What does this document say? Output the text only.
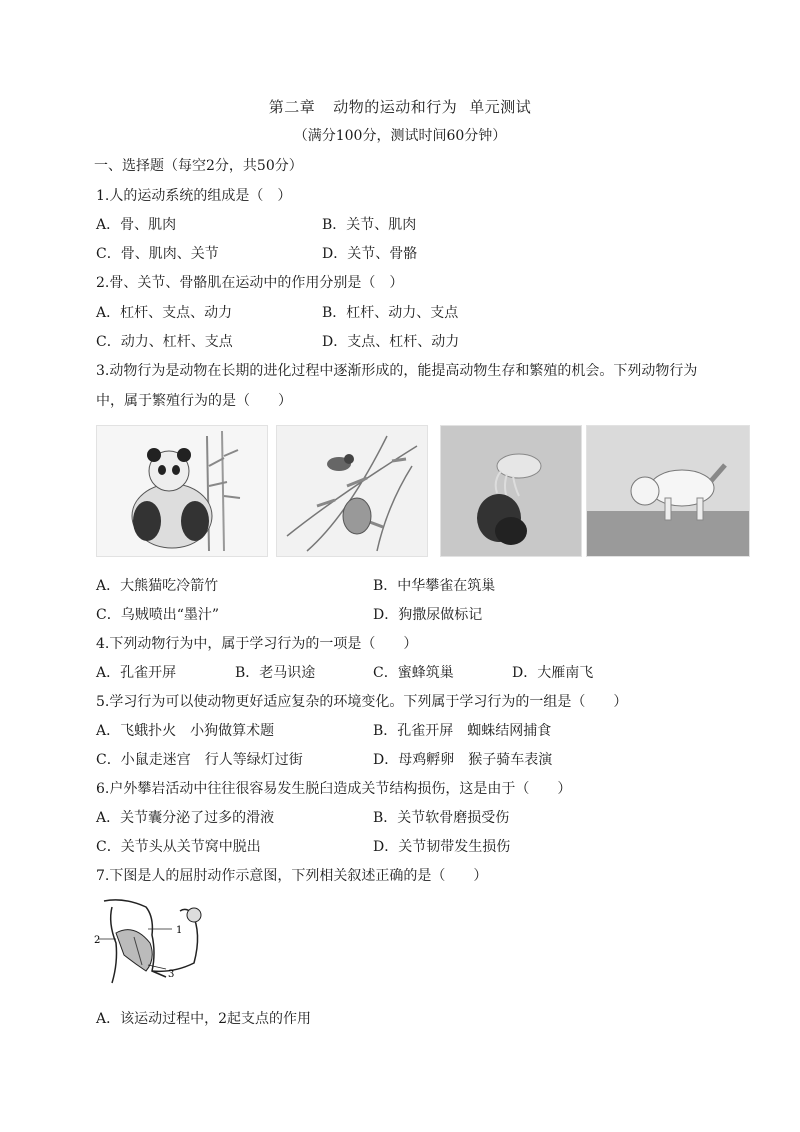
第二章 动物的运动和行为 单元测试
（满分100分，测试时间60分钟）
一、选择题（每空2分，共50分）
1.人的运动系统的组成是（　）
A．骨、肌肉	B．关节、肌肉
C．骨、肌肉、关节	D．关节、骨骼
2.骨、关节、骨骼肌在运动中的作用分别是（　）
A．杠杆、支点、动力	B．杠杆、动力、支点
C．动力、杠杆、支点	D．支点、杠杆、动力
3.动物行为是动物在长期的进化过程中逐渐形成的，能提高动物生存和繁殖的机会。下列动物行为
中，属于繁殖行为的是（　　）
A．大熊猫吃冷箭竹	B．中华攀雀在筑巢
C．乌贼喷出“墨汁”	D．狗撒尿做标记
4.下列动物行为中，属于学习行为的一项是（　　）
A．孔雀开屏	B．老马识途	C．蜜蜂筑巢	D．大雁南飞
5.学习行为可以使动物更好适应复杂的环境变化。下列属于学习行为的一组是（　　）
A．飞蛾扑火　小狗做算术题	B．孔雀开屏　蜘蛛结网捕食
C．小鼠走迷宫　行人等绿灯过街	D．母鸡孵卵　猴子骑车表演
6.户外攀岩活动中往往很容易发生脱臼造成关节结构损伤，这是由于（　　）
A．关节囊分泌了过多的滑液	B．关节软骨磨损受伤
C．关节头从关节窝中脱出	D．关节韧带发生损伤
7.下图是人的屈肘动作示意图，下列相关叙述正确的是（　　）
1
2
3
A．该运动过程中，2起支点的作用
